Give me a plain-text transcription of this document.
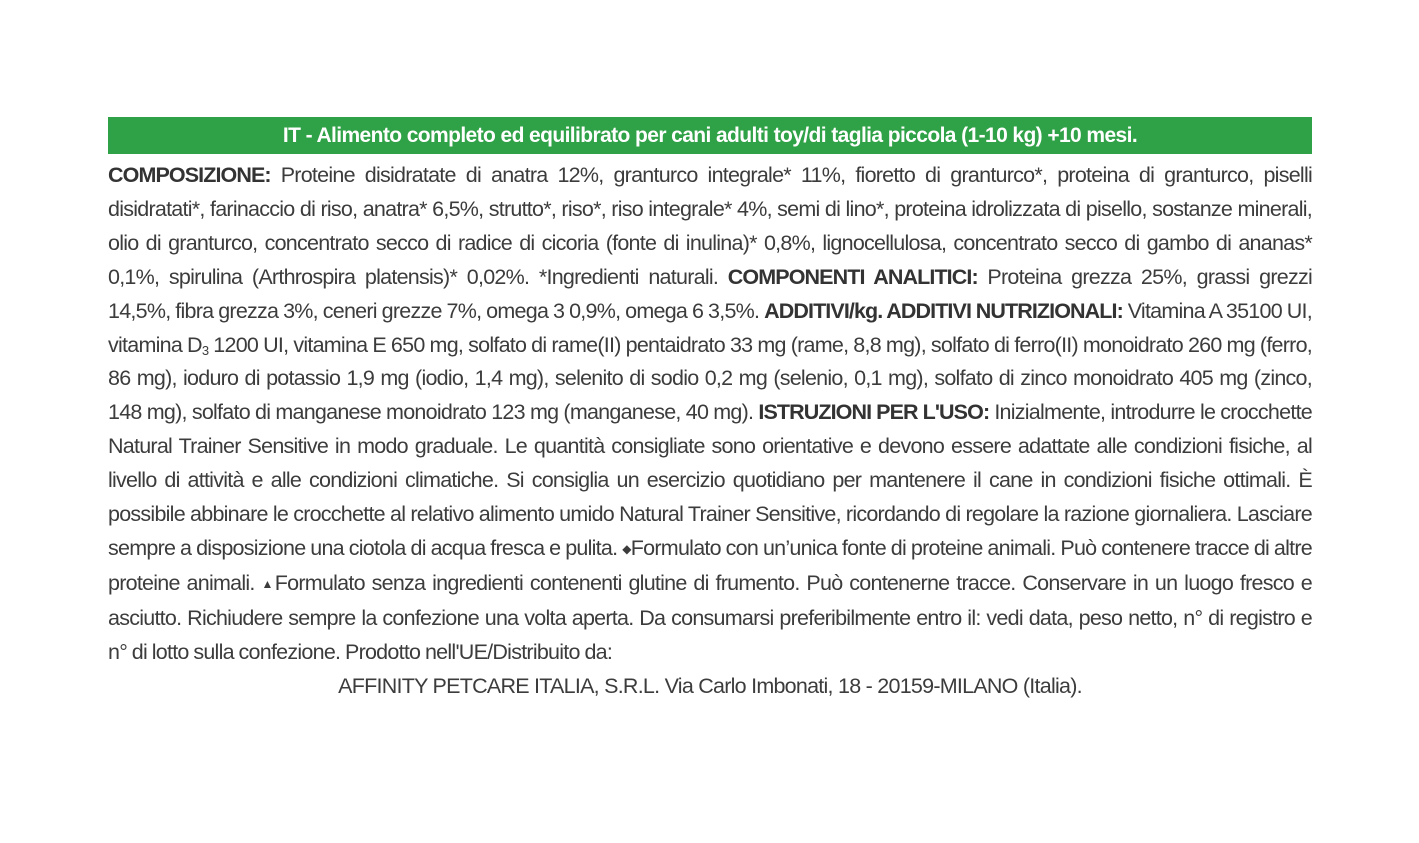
IT - Alimento completo ed equilibrato per cani adulti toy/di taglia piccola (1-10 kg) +10 mesi.
COMPOSIZIONE: Proteine disidratate di anatra 12%, granturco integrale* 11%, fioretto di granturco*, proteina di granturco, piselli disidratati*, farinaccio di riso, anatra* 6,5%, strutto*, riso*, riso integrale* 4%, semi di lino*, proteina idrolizzata di pisello, sostanze minerali, olio di granturco, concentrato secco di radice di cicoria (fonte di inulina)* 0,8%, lignocellulosa, concentrato secco di gambo di ananas* 0,1%, spirulina (Arthrospira platensis)* 0,02%. *Ingredienti naturali. COMPONENTI ANALITICI: Proteina grezza 25%, grassi grezzi 14,5%, fibra grezza 3%, ceneri grezze 7%, omega 3 0,9%, omega 6 3,5%. ADDITIVI/kg. ADDITIVI NUTRIZIONALI: Vitamina A 35100 UI, vitamina $D_3$ 1200 UI, vitamina E 650 mg, solfato di rame(II) pentaidrato 33 mg (rame, 8,8 mg), solfato di ferro(II) monoidrato 260 mg (ferro, 86 mg), ioduro di potassio 1,9 mg (iodio, 1,4 mg), selenito di sodio 0,2 mg (selenio, 0,1 mg), solfato di zinco monoidrato 405 mg (zinco, 148 mg), solfato di manganese monoidrato 123 mg (manganese, 40 mg). ISTRUZIONI PER L'USO: Inizialmente, introdurre le crocchette Natural Trainer Sensitive in modo graduale. Le quantità consigliate sono orientative e devono essere adattate alle condizioni fisiche, al livello di attività e alle condizioni climatiche. Si consiglia un esercizio quotidiano per mantenere il cane in condizioni fisiche ottimali. È possibile abbinare le crocchette al relativo alimento umido Natural Trainer Sensitive, ricordando di regolare la razione giornaliera. Lasciare sempre a disposizione una ciotola di acqua fresca e pulita. ◆Formulato con un’unica fonte di proteine animali. Può contenere tracce di altre proteine animali. ▲Formulato senza ingredienti contenenti glutine di frumento. Può contenerne tracce. Conservare in un luogo fresco e asciutto. Richiudere sempre la confezione una volta aperta. Da consumarsi preferibilmente entro il: vedi data, peso netto, n° di registro e n° di lotto sulla confezione. Prodotto nell'UE/Distribuito da:
AFFINITY PETCARE ITALIA, S.R.L. Via Carlo Imbonati, 18 - 20159-MILANO (Italia).
